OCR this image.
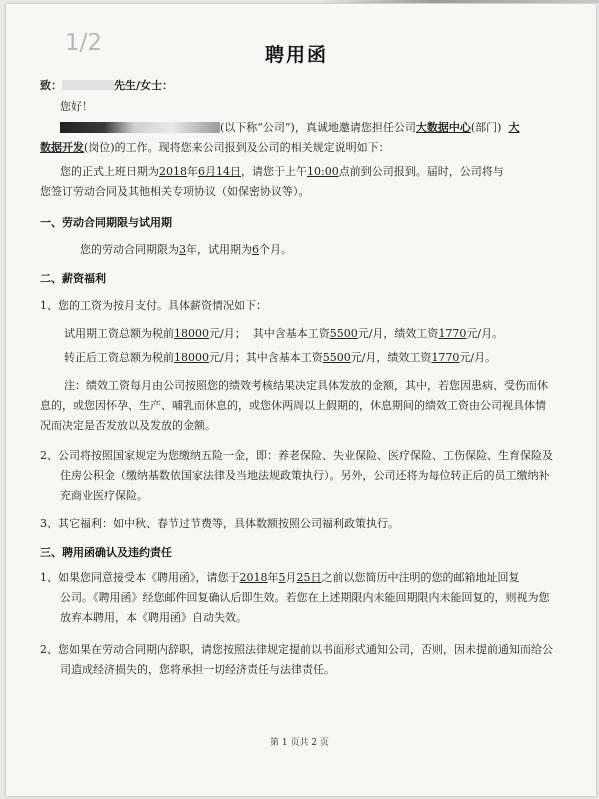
1/2	聘用函
致：	先生/女士：
您好！
(以下称“公司”)，真诚地邀请您担任公司大数据中心(部门) 大
数据开发(岗位)的工作。现将您来公司报到及公司的相关规定说明如下：
您的正式上班日期为2018年6月14日，请您于上午10:00点前到公司报到。届时，公司将与
您签订劳动合同及其他相关专项协议（如保密协议等）。
一、劳动合同期限与试用期
您的劳动合同期限为3年，试用期为6个月。
二、薪资福利
1、您的工资为按月支付。具体薪资情况如下：
试用期工资总额为税前18000元/月； 其中含基本工资5500元/月，绩效工资1770元/月。
转正后工资总额为税前18000元/月；其中含基本工资5500元/月，绩效工资1770元/月。
注：绩效工资每月由公司按照您的绩效考核结果决定具体发放的金额，其中，若您因患病、受伤而休
息的，或您因怀孕、生产、哺乳而休息的，或您休两周以上假期的，休息期间的绩效工资由公司视具体情
况而决定是否发放以及发放的金额。
2、公司将按照国家规定为您缴纳五险一金，即：养老保险、失业保险、医疗保险、工伤保险、生育保险及
住房公积金（缴纳基数依国家法律及当地法规政策执行）。另外，公司还将为每位转正后的员工缴纳补
充商业医疗保险。
3、其它福利：如中秋、春节过节费等，具体数额按照公司福利政策执行。
三、聘用函确认及违约责任
1、如果您同意接受本《聘用函》，请您于2018年5月25日之前以您简历中注明的您的邮箱地址回复
公司。《聘用函》经您邮件回复确认后即生效。若您在上述期限内未能回期限内未能回复的，则视为您
放弃本聘用，本《聘用函》自动失效。
2、您如果在劳动合同期内辞职，请您按照法律规定提前以书面形式通知公司，否则，因未提前通知而给公
司造成经济损失的，您将承担一切经济责任与法律责任。
第 1 页共 2 页
